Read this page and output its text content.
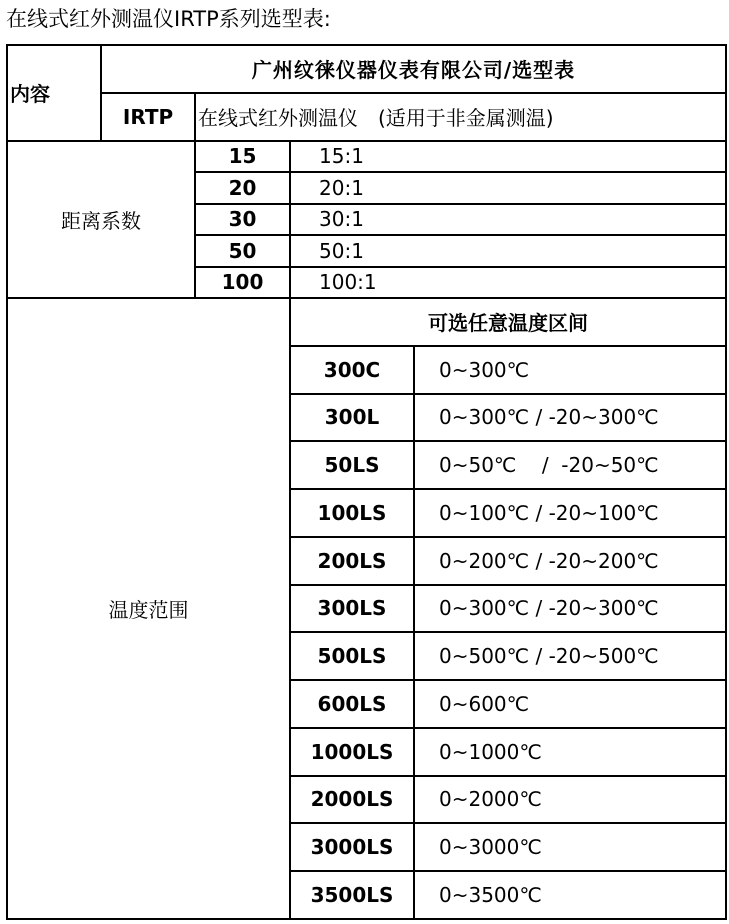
在线式红外测温仪IRTP系列选型表:
内容	广州纹徕仪器仪表有限公司/选型表			
	IRTP	在线式红外测温仪　(适用于非金属测温)		
距离系数		15	15:1	
		20	20:1	
		30	30:1	
		50	50:1	
		100	100:1	
温度范围			可选任意温度区间	
			300C	0~300℃
			300L	0~300℃ / -20~300℃
			50LS	0~50℃    /  -20~50℃
			100LS	0~100℃ / -20~100℃
			200LS	0~200℃ / -20~200℃
			300LS	0~300℃ / -20~300℃
			500LS	0~500℃ / -20~500℃
			600LS	0~600℃
			1000LS	0~1000℃
			2000LS	0~2000℃
			3000LS	0~3000℃
			3500LS	0~3500℃
